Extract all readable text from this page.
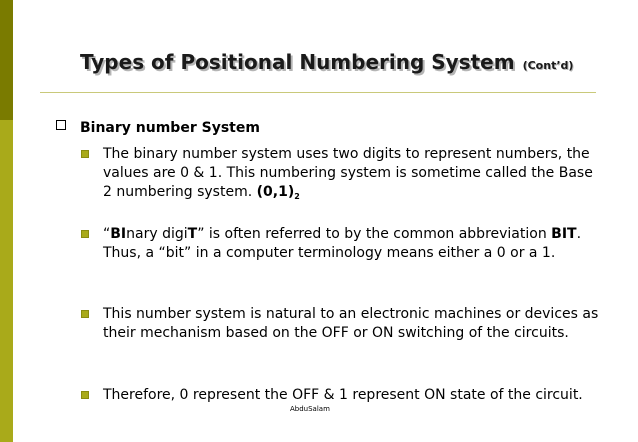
Types of Positional Numbering System (Cont’d)
Binary number System
The binary number system uses two digits to represent numbers, the values are 0 & 1. This numbering system is sometime called the Base 2 numbering system. $(0,1)_2$
“BInary digiT” is often referred to by the common abbreviation BIT. Thus, a “bit” in a computer terminology means either a 0 or a 1.
This number system is natural to an electronic machines or devices as their mechanism based on the OFF or ON switching of the circuits.
Therefore, 0 represent the OFF & 1 represent ON state of the circuit.
AbduSalam
